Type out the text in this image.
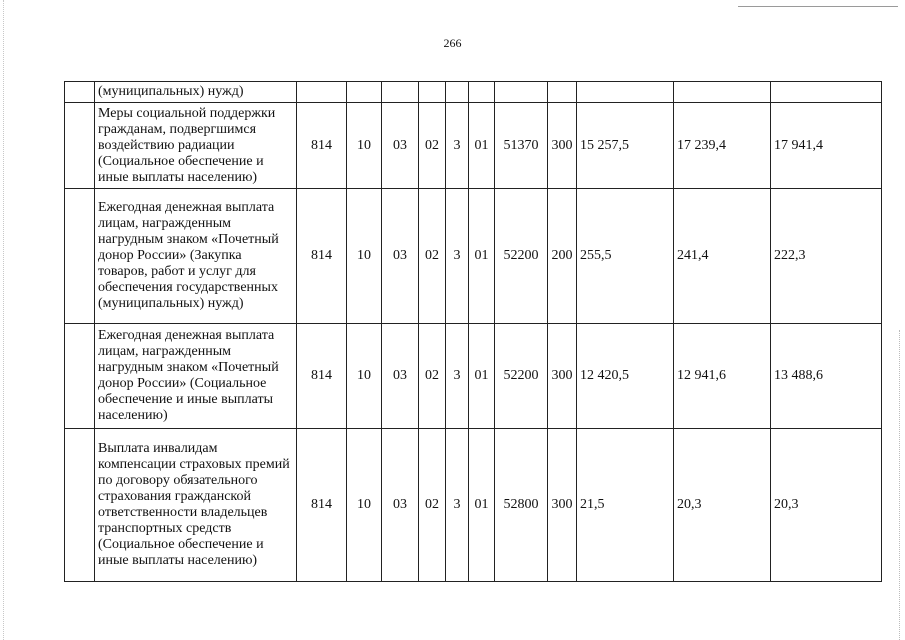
266
	(муниципальных) нужд)											
	Меры социальной поддержки гражданам, подвергшимся воздействию радиации (Социальное обеспечение и иные выплаты населению)	814	10	03	02	3	01	51370	300	15 257,5	17 239,4	17 941,4
	Ежегодная денежная выплата лицам, награжденным нагрудным знаком «Почетный донор России» (Закупка товаров, работ и услуг для обеспечения государственных (муниципальных) нужд)	814	10	03	02	3	01	52200	200	255,5	241,4	222,3
	Ежегодная денежная выплата лицам, награжденным нагрудным знаком «Почетный донор России» (Социальное обеспечение и иные выплаты населению)	814	10	03	02	3	01	52200	300	12 420,5	12 941,6	13 488,6
	Выплата инвалидам компенсации страховых премий по договору обязательного страхования гражданской ответственности владельцев транспортных средств (Социальное обеспечение и иные выплаты населению)	814	10	03	02	3	01	52800	300	21,5	20,3	20,3
